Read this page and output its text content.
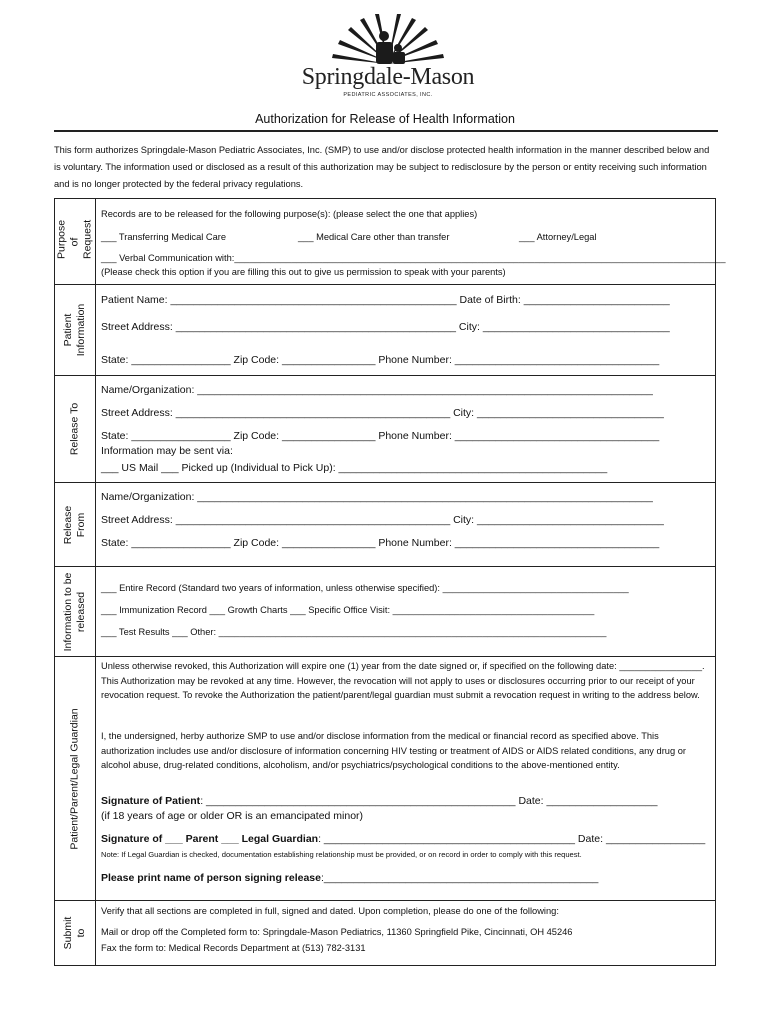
Springdale-Mason
PEDIATRIC ASSOCIATES, INC.
Authorization for Release of Health Information
This form authorizes Springdale-Mason Pediatric Associates, Inc. (SMP) to use and/or disclose protected health information in the manner described below and is voluntary. The information used or disclosed as a result of this authorization may be subject to redisclosure by the person or entity receiving such information and is no longer protected by the federal privacy regulations.
Purpose of Request
Records are to be released for the following purpose(s): (please select the one that applies)
___ Transferring Medical Care	___ Medical Care other than transfer	___ Attorney/Legal
___ Verbal Communication with:_______________________________________________________________________________________________
(Please check this option if you are filling this out to give us permission to speak with your parents)
Patient Information
Patient Name: _________________________________________________ Date of Birth: _________________________
Street Address: ________________________________________________ City: ________________________________
State: _________________ Zip Code: ________________ Phone Number: ___________________________________
Release To
Name/Organization: ______________________________________________________________________________
Street Address: _______________________________________________ City: ________________________________
State: _________________ Zip Code: ________________ Phone Number: ___________________________________
Information may be sent via:
___ US Mail ___ Picked up (Individual to Pick Up): ______________________________________________
Release From
Name/Organization: ______________________________________________________________________________
Street Address: _______________________________________________ City: ________________________________
State: _________________ Zip Code: ________________ Phone Number: ___________________________________
Information to be released
___ Entire Record (Standard two years of information, unless otherwise specified): ____________________________________
___ Immunization Record ___ Growth Charts ___ Specific Office Visit: _______________________________________
___ Test Results ___ Other: ___________________________________________________________________________
Patient/Parent/Legal Guardian
Unless otherwise revoked, this Authorization will expire one (1) year from the date signed or, if specified on the following date: ________________. This Authorization may be revoked at any time. However, the revocation will not apply to uses or disclosures occurring prior to our receipt of your revocation request. To revoke the Authorization the patient/parent/legal guardian must submit a revocation request in writing to the address below.
I, the undersigned, herby authorize SMP to use and/or disclose information from the medical or financial record as specified above. This authorization includes use and/or disclosure of information concerning HIV testing or treatment of AIDS or AIDS related conditions, any drug or alcohol abuse, drug-related conditions, alcoholism, and/or psychiatrics/psychological conditions to the above-mentioned entity.
Signature of Patient: _____________________________________________________ Date: ___________________
(if 18 years of age or older OR is an emancipated minor)
Signature of ___ Parent ___ Legal Guardian: ___________________________________________ Date: _________________
Note: If Legal Guardian is checked, documentation establishing relationship must be provided, or on record in order to comply with this request.
Please print name of person signing release:_______________________________________________
Submit to
Verify that all sections are completed in full, signed and dated. Upon completion, please do one of the following:
Mail or drop off the Completed form to: Springdale-Mason Pediatrics, 11360 Springfield Pike, Cincinnati, OH 45246
Fax the form to: Medical Records Department at (513) 782-3131
